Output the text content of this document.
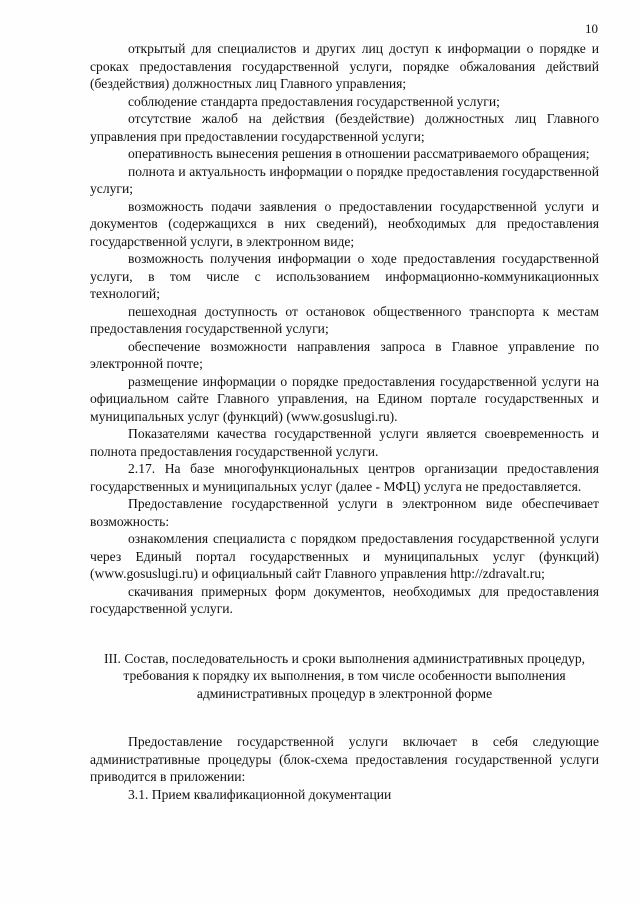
10

открытый для специалистов и других лиц доступ к информации о порядке и сроках предоставления государственной услуги, порядке обжалования действий (бездействия) должностных лиц Главного управления;

соблюдение стандарта предоставления государственной услуги;

отсутствие жалоб на действия (бездействие) должностных лиц Главного управления при предоставлении государственной услуги;

оперативность вынесения решения в отношении рассматриваемого обращения;

полнота и актуальность информации о порядке предоставления государственной услуги;

возможность подачи заявления о предоставлении государственной услуги и документов (содержащихся в них сведений), необходимых для предоставления государственной услуги, в электронном виде;

возможность получения информации о ходе предоставления государственной услуги, в том числе с использованием информационно-коммуникационных технологий;

пешеходная доступность от остановок общественного транспорта к местам предоставления государственной услуги;

обеспечение возможности направления запроса в Главное управление по электронной почте;

размещение информации о порядке предоставления государственной услуги на официальном сайте Главного управления, на Едином портале государственных и муниципальных услуг (функций) (www.gosuslugi.ru).

Показателями качества государственной услуги является своевременность и полнота предоставления государственной услуги.

2.17. На базе многофункциональных центров организации предоставления государственных и муниципальных услуг (далее - МФЦ) услуга не предоставляется.

Предоставление государственной услуги в электронном виде обеспечивает возможность:

ознакомления специалиста с порядком предоставления государственной услуги через Единый портал государственных и муниципальных услуг (функций) (www.gosuslugi.ru) и официальный сайт Главного управления http://zdravalt.ru;

скачивания примерных форм документов, необходимых для предоставления государственной услуги.

III. Состав, последовательность и сроки выполнения административных процедур, требования к порядку их выполнения, в том числе особенности выполнения административных процедур в электронной форме

Предоставление государственной услуги включает в себя следующие административные процедуры (блок-схема предоставления государственной услуги приводится в приложении:

3.1. Прием квалификационной документации
